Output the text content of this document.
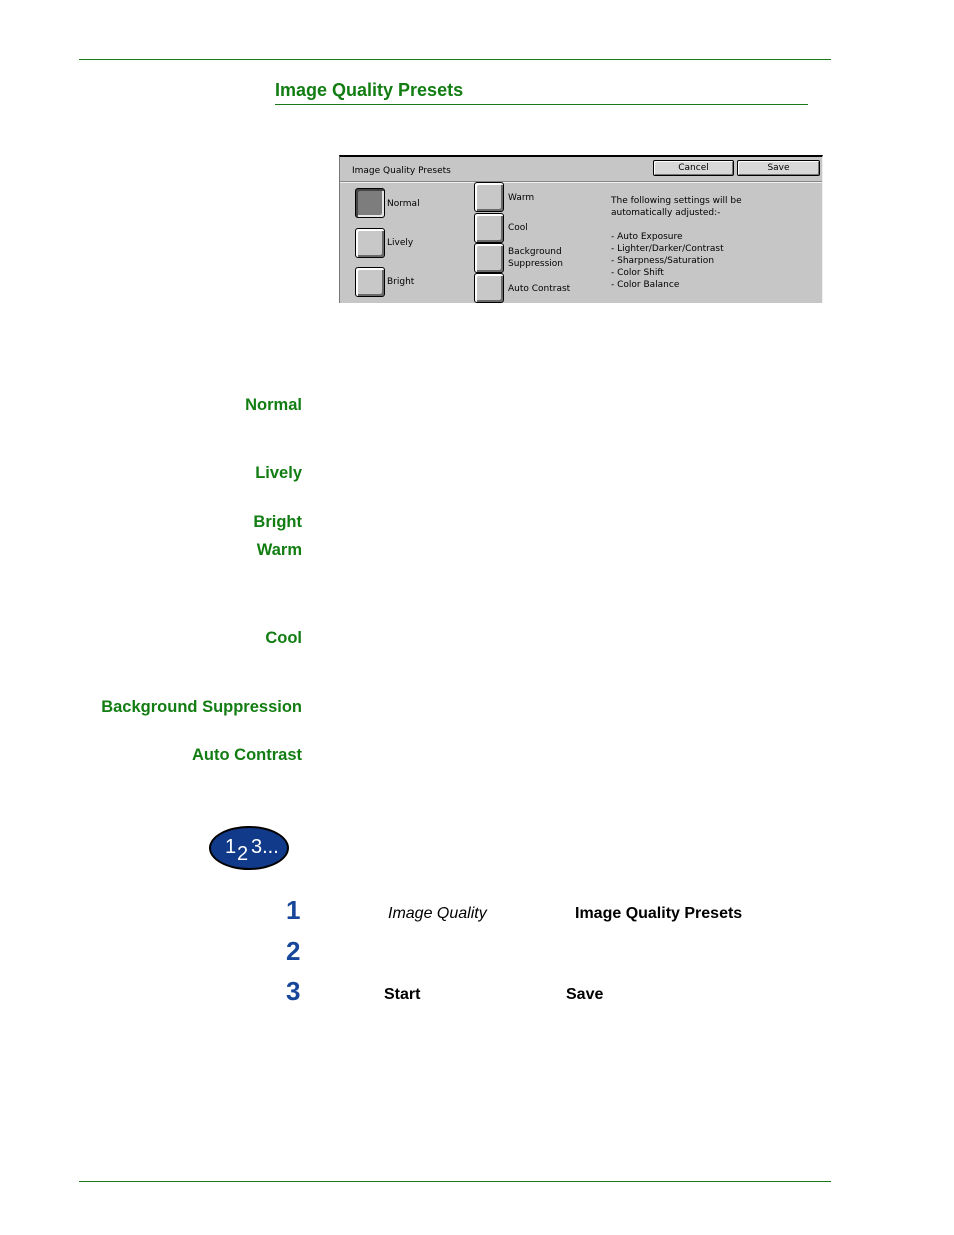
Image Quality Presets
Image Quality Presets	Cancel	Save
Normal
Lively
Bright
Warm
Cool
Background
Suppression
Auto Contrast
The following settings will be
automatically adjusted:-
- Auto Exposure
- Lighter/Darker/Contrast
- Sharpness/Saturation
- Color Shift
- Color Balance
Normal
Lively
Bright
Warm
Cool
Background Suppression
Auto Contrast
1 2 3...
1	Image Quality	Image Quality Presets
2
3	Start	Save
